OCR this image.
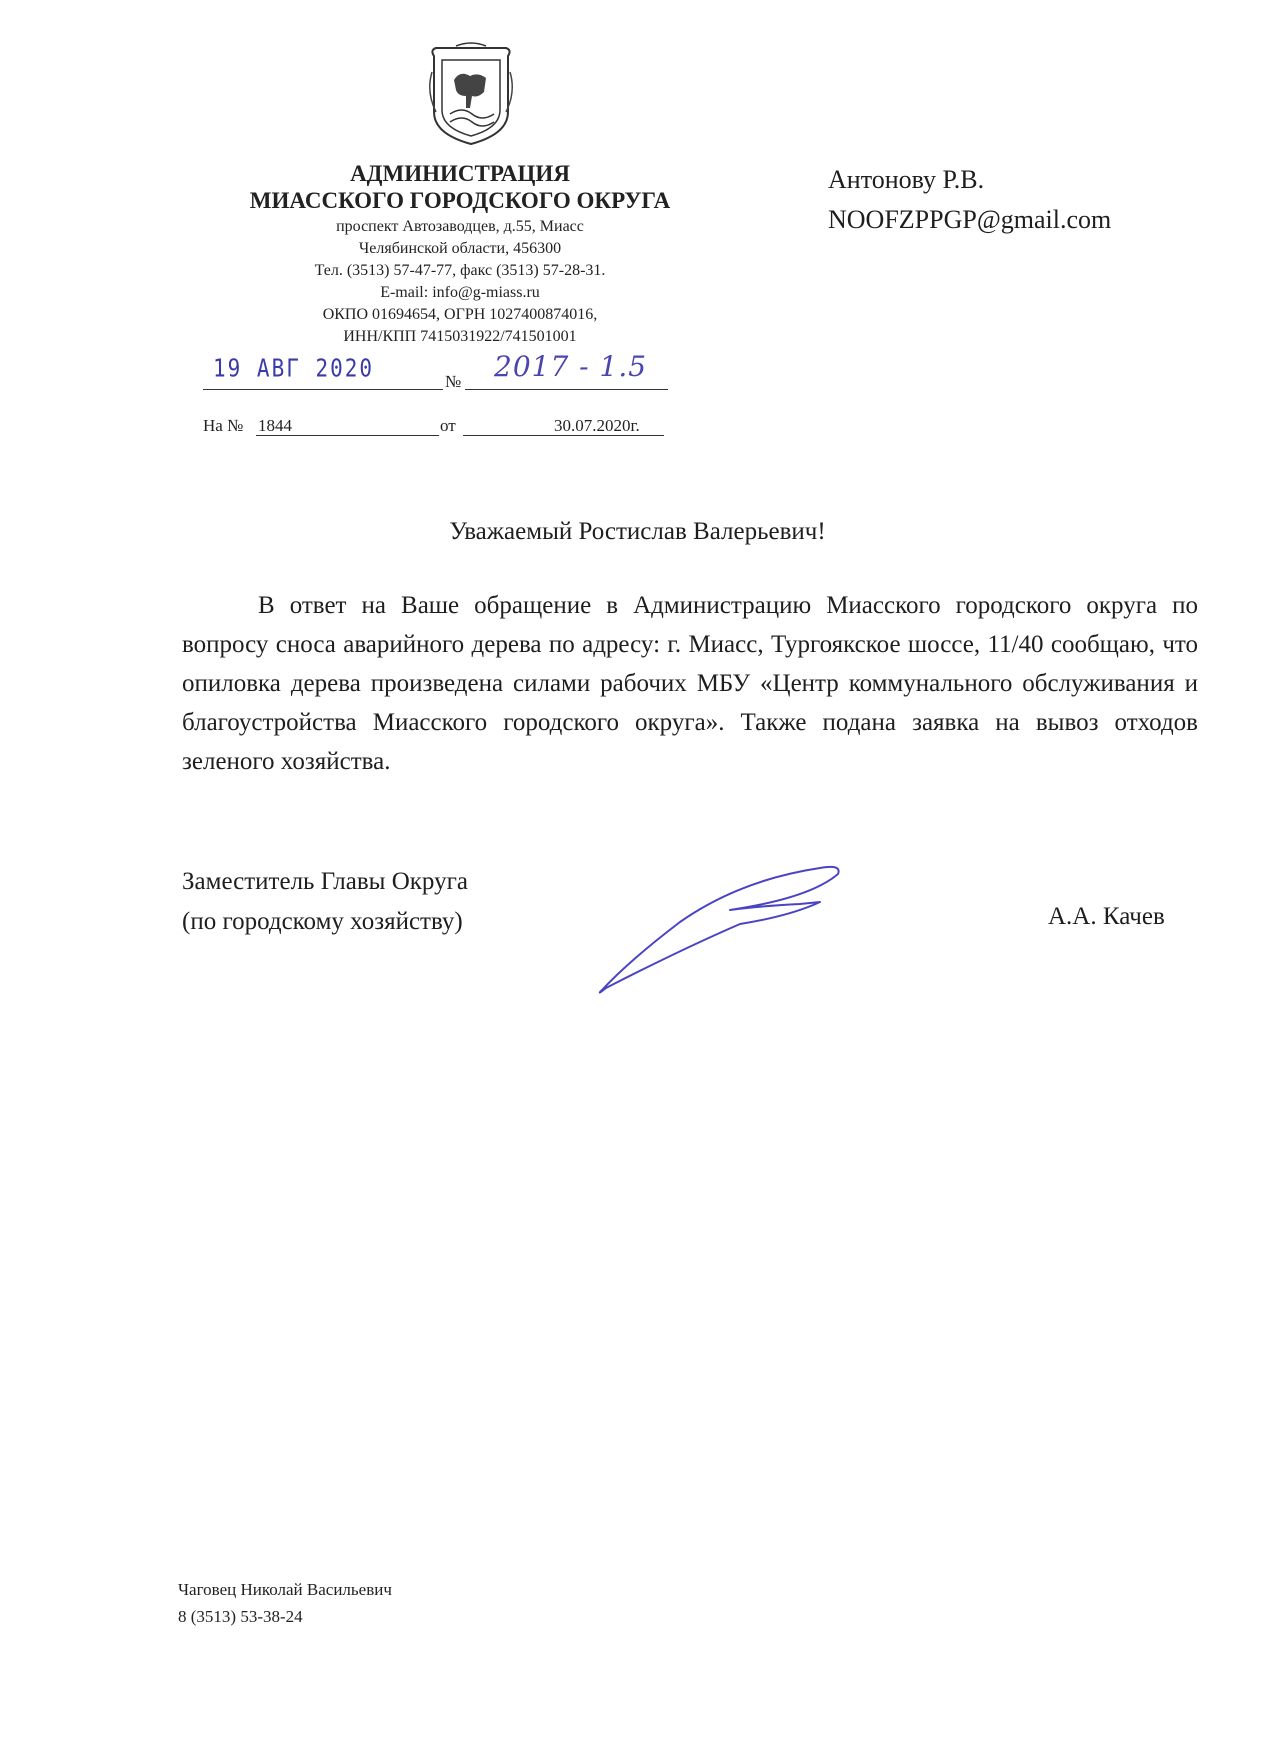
АДМИНИСТРАЦИЯ
МИАССКОГО ГОРОДСКОГО ОКРУГА
проспект Автозаводцев, д.55, Миасс
Челябинской области, 456300
Тел. (3513) 57-47-77, факс (3513) 57-28-31.
E-mail: info@g-miass.ru
ОКПО 01694654, ОГРН 1027400874016,
ИНН/КПП 7415031922/741501001
Антонову Р.В.
NOOFZPPGP@gmail.com
19 АВГ 2020	№ 2017 - 1.5
На № 1844	от	30.07.2020г.
Уважаемый Ростислав Валерьевич!
В ответ на Ваше обращение в Администрацию Миасского городского округа по вопросу сноса аварийного дерева по адресу: г. Миасс, Тургоякское шоссе, 11/40 сообщаю, что опиловка дерева произведена силами рабочих МБУ «Центр коммунального обслуживания и благоустройства Миасского городского округа». Также подана заявка на вывоз отходов зеленого хозяйства.
Заместитель Главы Округа
(по городскому хозяйству)	А.А. Качев
Чаговец Николай Васильевич
8 (3513) 53-38-24
